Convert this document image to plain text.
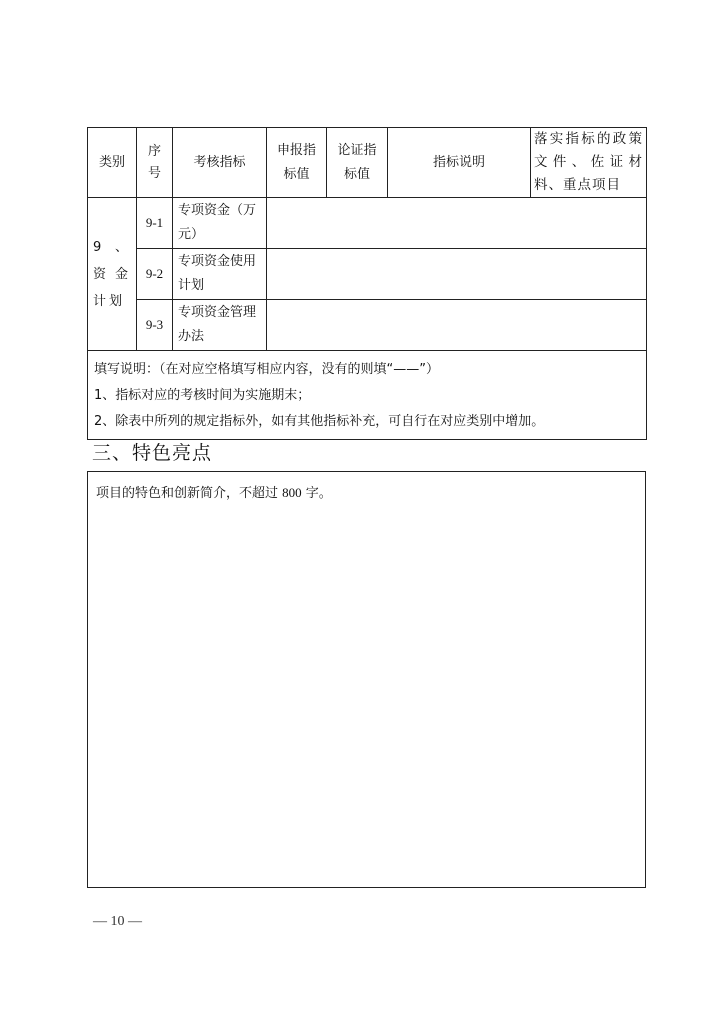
类别	序号	考核指标	申报指标值	论证指标值	指标说明	落实指标的政策文件、佐证材料、重点项目
9、资金计划	9-1	专项资金（万元）				
	9-2	专项资金使用计划				
	9-3	专项资金管理办法				

填写说明：（在对应空格填写相应内容，没有的则填“——”）
1、指标对应的考核时间为实施期末；
2、除表中所列的规定指标外，如有其他指标补充，可自行在对应类别中增加。						
三、特色亮点
项目的特色和创新简介，不超过 800 字。
— 10 —
